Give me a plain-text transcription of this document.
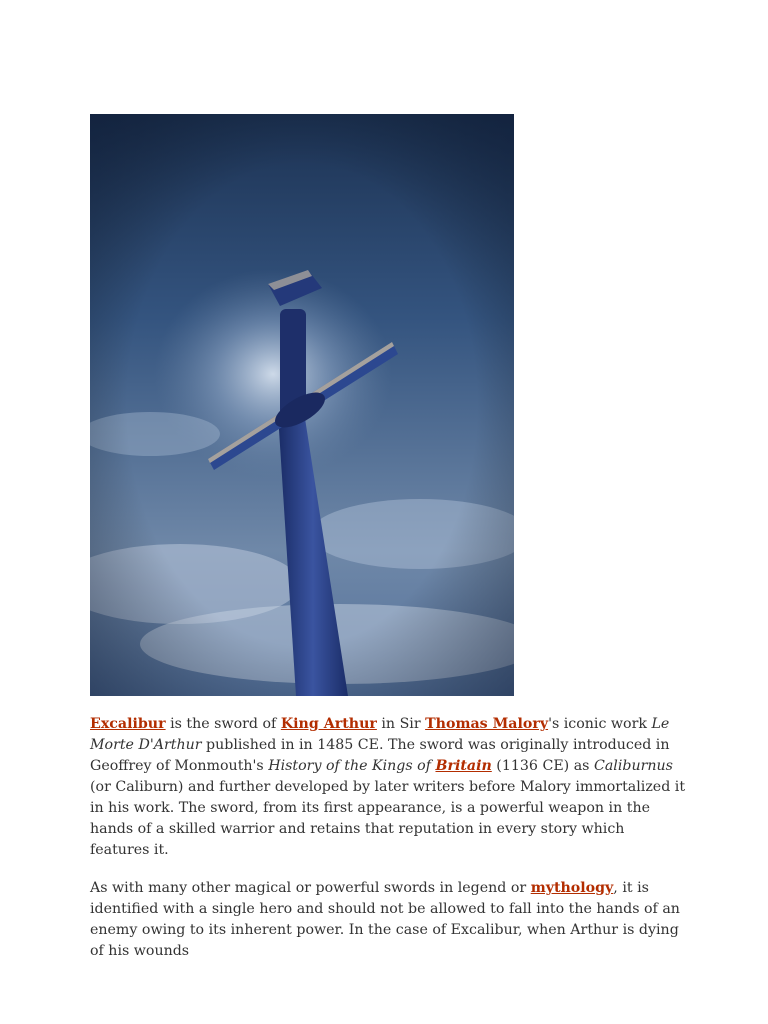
Excalibur is the sword of King Arthur in Sir Thomas Malory's iconic work Le Morte D'Arthur published in in 1485 CE. The sword was originally introduced in Geoffrey of Monmouth's History of the Kings of Britain (1136 CE) as Caliburnus (or Caliburn) and further developed by later writers before Malory immortalized it in his work. The sword, from its first appearance, is a powerful weapon in the hands of a skilled warrior and retains that reputation in every story which features it.

As with many other magical or powerful swords in legend or mythology, it is identified with a single hero and should not be allowed to fall into the hands of an enemy owing to its inherent power. In the case of Excalibur, when Arthur is dying of his wounds
